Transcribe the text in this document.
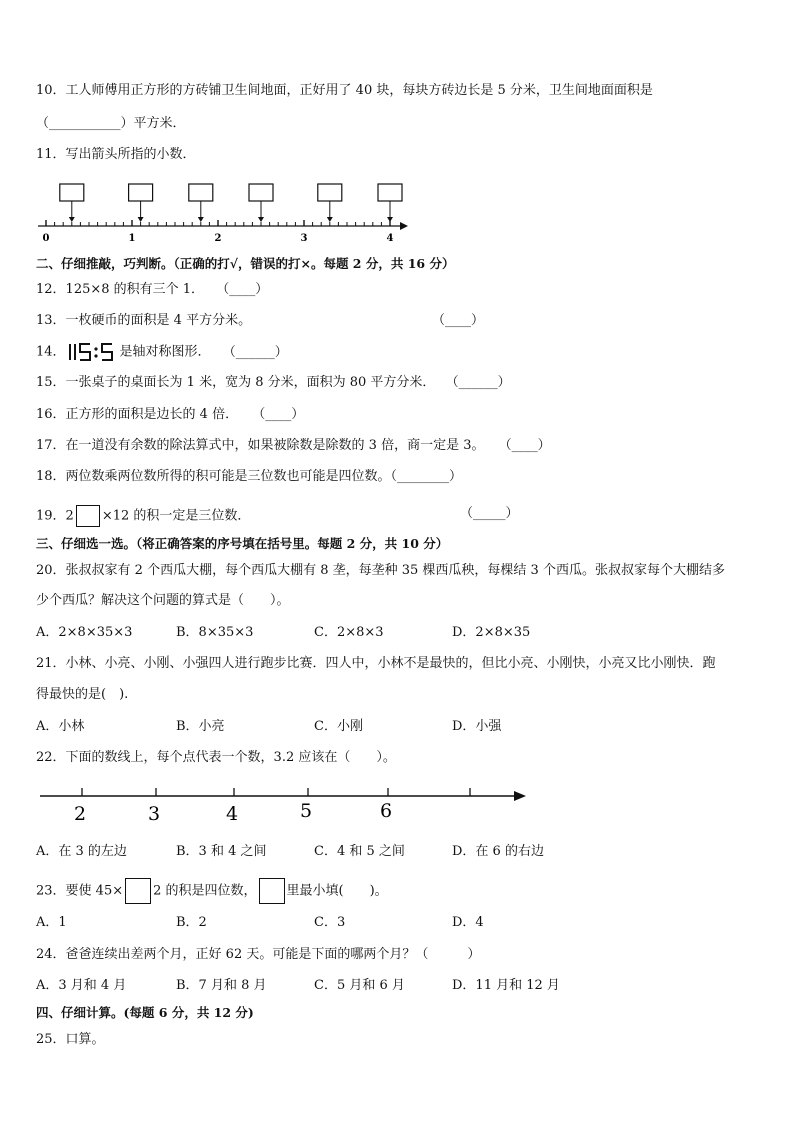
10．工人师傅用正方形的方砖铺卫生间地面，正好用了 40 块，每块方砖边长是 5 分米，卫生间地面面积是
（___________）平方米．
11．写出箭头所指的小数．
0	1	2	3	4
二、仔细推敲，巧判断。（正确的打√，错误的打×。每题 2 分，共 16 分）
12．125×8 的积有三个 1． （____）
13．一枚硬币的面积是 4 平方分米。	（____）
14．	是轴对称图形． （______）
15．一张桌子的桌面长为 1 米，宽为 8 分米，面积为 80 平方分米． （______）
16．正方形的面积是边长的 4 倍． （____）
17．在一道没有余数的除法算式中，如果被除数是除数的 3 倍，商一定是 3。 （____）
18．两位数乘两位数所得的积可能是三位数也可能是四位数。（________）
19．2 ×12 的积一定是三位数．	（_____）
三、仔细选一选。（将正确答案的序号填在括号里。每题 2 分，共 10 分）
20．张叔叔家有 2 个西瓜大棚，每个西瓜大棚有 8 垄，每垄种 35 棵西瓜秧，每棵结 3 个西瓜。张叔叔家每个大棚结多
少个西瓜？解决这个问题的算式是（　　）。
A．2×8×35×3	B．8×35×3	C．2×8×3	D．2×8×35
21．小林、小亮、小刚、小强四人进行跑步比赛．四人中，小林不是最快的，但比小亮、小刚快，小亮又比小刚快．跑
得最快的是(　).
A．小林	B．小亮	C．小刚	D．小强
22．下面的数线上，每个点代表一个数，3.2 应该在（　　）。
2	3	4	5	6
A．在 3 的左边	B．3 和 4 之间	C．4 和 5 之间	D．在 6 的右边
23．要使 45× 2 的积是四位数， 里最小填(　　)。
A．1	B．2	C．3	D．4
24．爸爸连续出差两个月，正好 62 天。可能是下面的哪两个月？（　　　）
A．3 月和 4 月	B．7 月和 8 月	C．5 月和 6 月	D．11 月和 12 月
四、仔细计算。(每题 6 分，共 12 分)
25．口算。
